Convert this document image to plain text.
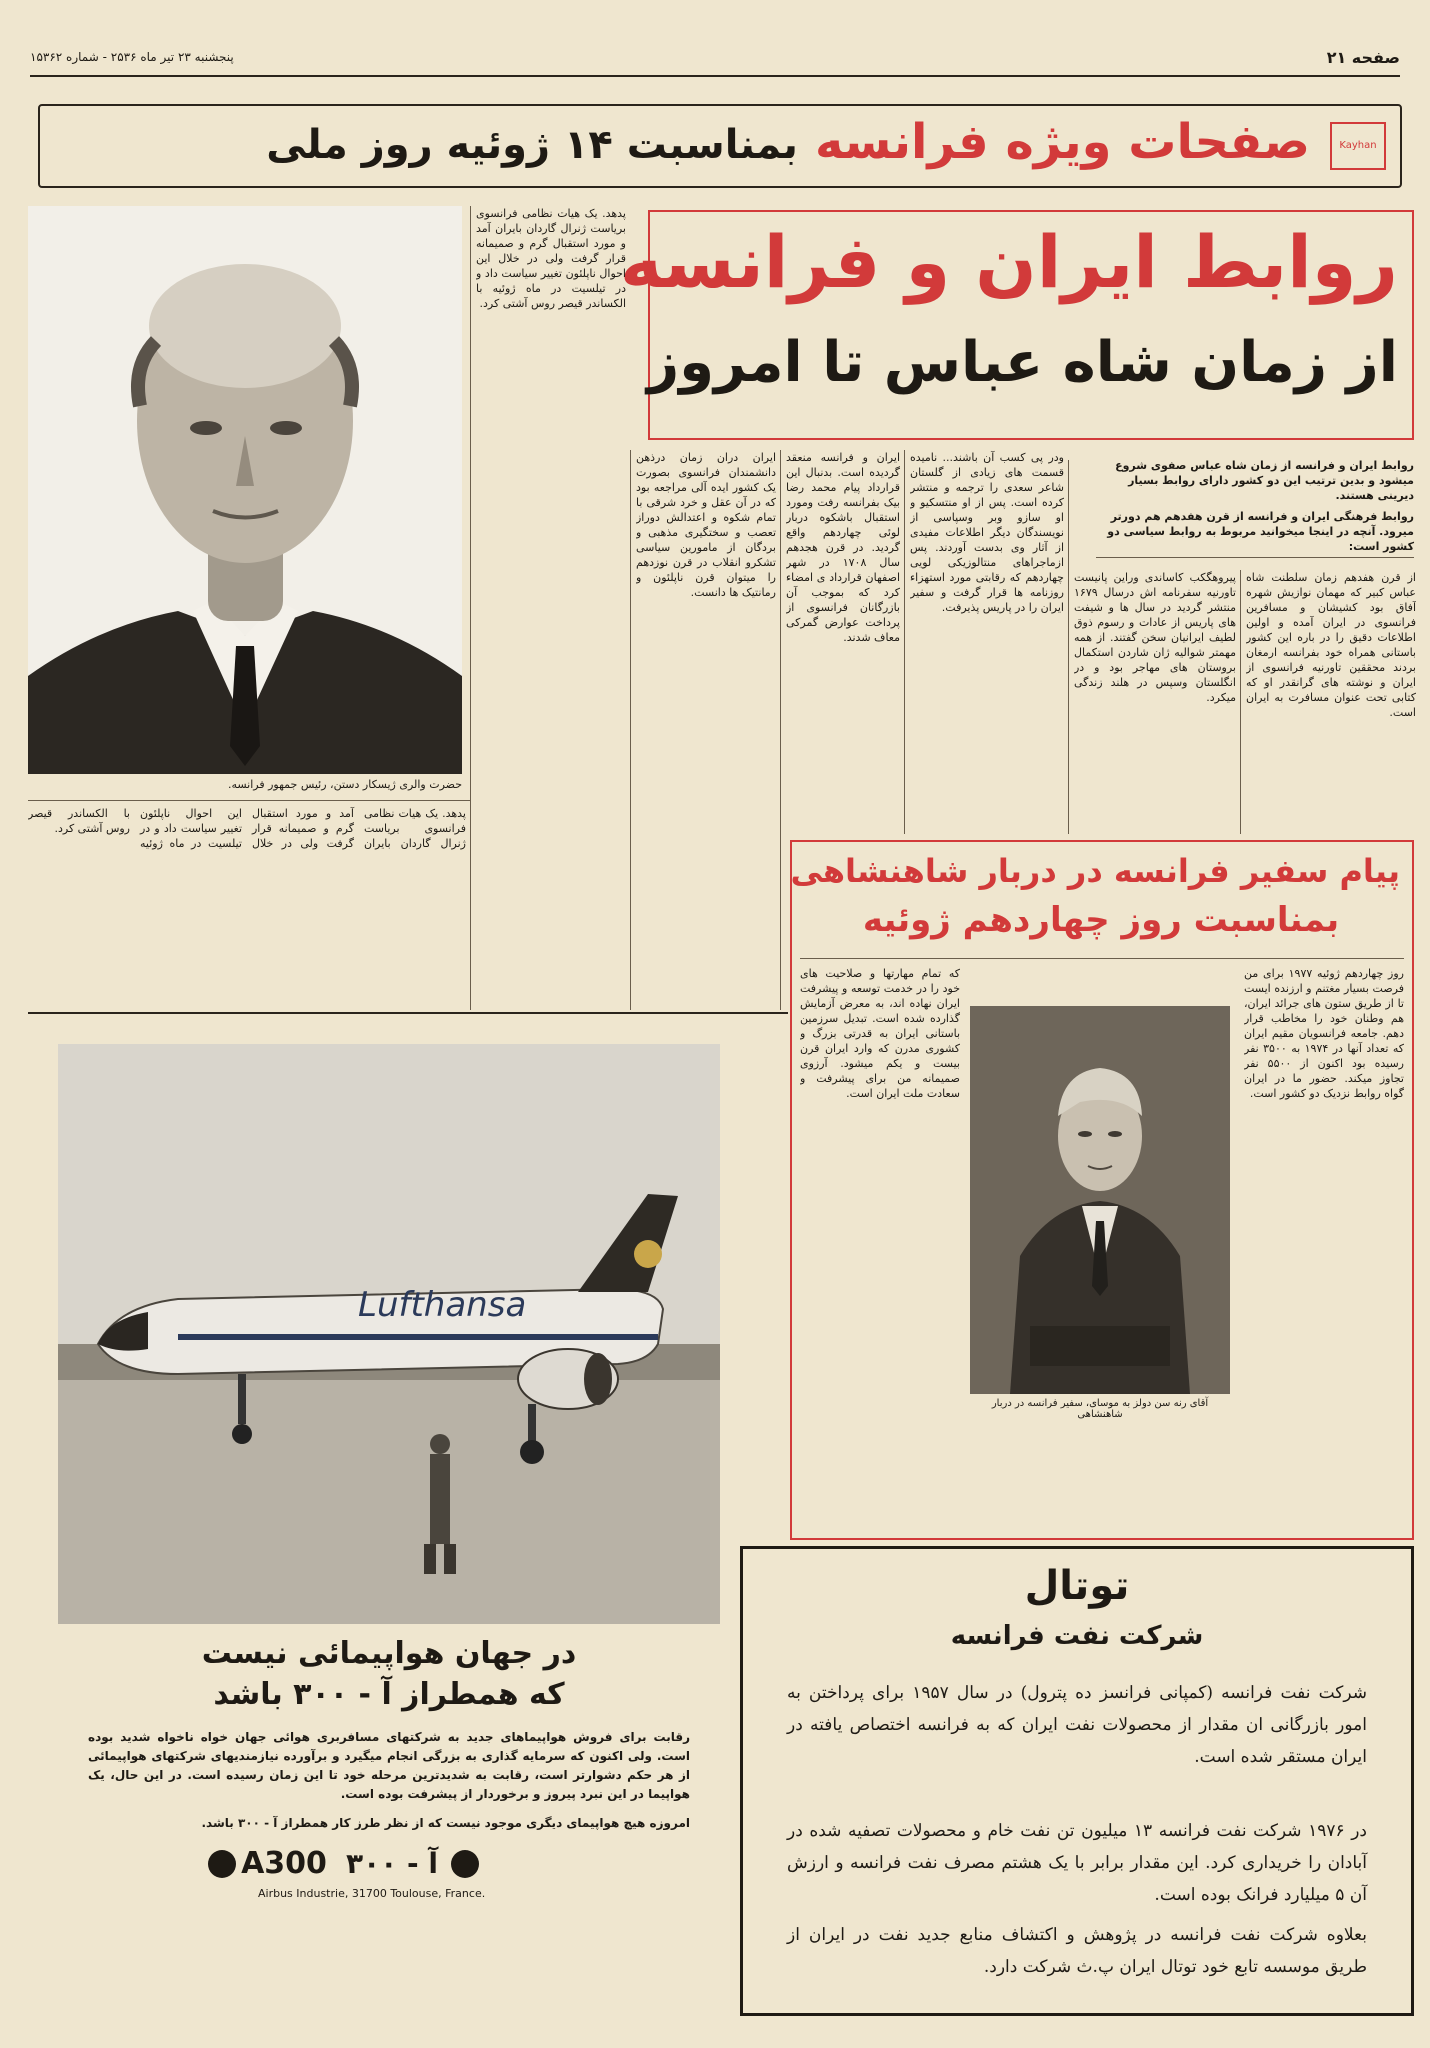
صفحه ۲۱
پنجشنبه ۲۳ تیر ماه ۲۵۳۶ - شماره ۱۵۳۶۲
Kayhan
صفحات ویژه فرانسه بمناسبت ۱۴ ژوئیه روز ملی
حضرت والری ژیسکار دستن، رئیس جمهور فرانسه.
روابط ایران و فرانسه
از زمان شاه عباس تا امروز
روابط ایران و فرانسه از زمان شاه عباس صفوی شروع میشود و بدین ترتیب این دو کشور دارای روابط بسیار دیرینی هستند.
روابط فرهنگی ایران و فرانسه از قرن هفدهم هم دورتر میرود. آنچه در اینجا میخوانید مربوط به روابط سیاسی دو کشور است:
از قرن هفدهم زمان سلطنت شاه عباس کبیر که مهمان نوازیش شهره آفاق بود کشیشان و مسافرین فرانسوی در ایران آمده و اولین اطلاعات دقیق را در باره این کشور باستانی همراه خود بفرانسه ارمغان بردند محققین تاورنیه فرانسوی از ایران و نوشته های گرانقدر او که کتابی تحت عنوان مسافرت به ایران است.
پیروهگکب کاساندی وراین پانیست تاورنیه سفرنامه اش درسال ۱۶۷۹ منتشر گردید در سال ها و شیفت های پاریس از عادات و رسوم ذوق لطیف ایرانیان سخن گفتند. از همه مهمتر شوالیه ژان شاردن استکمال بروستان های مهاجر بود و در انگلستان وسپس در هلند زندگی میکرد.
ودر پی کسب آن باشند... نامیده قسمت های زیادی از گلستان شاعر سعدی را ترجمه و منتشر کرده است. پس از او منتسکیو و او سازو وبر وسپاسی از نویسندگان دیگر اطلاعات مفیدی از آثار وی بدست آوردند. پس ازماجراهای منتالوزیکی لویی چهاردهم که رقابتی مورد استهزاء روزنامه ها قرار گرفت و سفیر ایران را در پاریس پذیرفت.
ایران و فرانسه منعقد گردیده است. بدنبال این قرارداد پیام محمد رضا بیک بفرانسه رفت ومورد استقبال باشکوه دربار لوئی چهاردهم واقع گردید. در قرن هجدهم سال ۱۷۰۸ در شهر اصفهان قرارداد ی امضاء کرد که بموجب آن بازرگانان فرانسوی از پرداخت عوارض گمرکی معاف شدند.
ایران دران زمان درذهن دانشمندان فرانسوی بصورت یک کشور ایده آلی مراجعه بود که در آن عقل و خرد شرقی با تمام شکوه و اعتدالش دوراز تعصب و سختگیری مذهبی و بردگان از مامورین سیاسی تشکرو انقلاب در قرن نوزدهم را میتوان قرن ناپلئون و رمانتیک ها دانست.
پدهد. یک هیات نظامی فرانسوی بریاست ژنرال گاردان بایران آمد و مورد استقبال گرم و صمیمانه قرار گرفت ولی در خلال این احوال ناپلئون تغییر سیاست داد و در تیلسیت در ماه ژوئیه با الکساندر قیصر روس آشتی کرد.
پدهد. یک هیات نظامی فرانسوی بریاست ژنرال گاردان بایران آمد و مورد استقبال گرم و صمیمانه قرار گرفت ولی در خلال این احوال ناپلئون تغییر سیاست داد و در تیلسیت در ماه ژوئیه با الکساندر قیصر روس آشتی کرد.
پیام سفیر فرانسه در دربار شاهنشاهی
بمناسبت روز چهاردهم ژوئیه
روز چهاردهم ژوئیه ۱۹۷۷ برای من فرصت بسیار مغتنم و ارزنده ایست تا از طریق ستون های جرائد ایران، هم وطنان خود را مخاطب قرار دهم. جامعه فرانسویان مقیم ایران که تعداد آنها در ۱۹۷۴ به ۳۵۰۰ نفر رسیده بود اکنون از ۵۵۰۰ نفر تجاوز میکند. حضور ما در ایران گواه روابط نزدیک دو کشور است.
که تمام مهارتها و صلاحیت های خود را در خدمت توسعه و پیشرفت ایران نهاده اند، به معرض آزمایش گذارده شده است. تبدیل سرزمین باستانی ایران به قدرتی بزرگ و کشوری مدرن که وارد ایران قرن بیست و یکم میشود. آرزوی صمیمانه من برای پیشرفت و سعادت ملت ایران است.
آقای رنه سن دولز به موسای، سفیر فرانسه در دربار شاهنشاهی
Lufthansa
در جهان هواپیمائی نیست
که همطراز آ - ۳۰۰ باشد
رقابت برای فروش هواپیماهای جدید به شرکتهای مسافربری هوائی جهان خواه ناخواه شدید بوده است. ولی اکنون که سرمایه گذاری به بزرگی انجام میگیرد و برآورده نیازمندیهای شرکتهای هواپیمائی از هر حکم دشوارتر است، رقابت به شدیدترین مرحله خود تا این زمان رسیده است. در این حال، یک هواپیما در این نبرد پیروز و برخوردار از پیشرفت بوده است.
امروزه هیچ هواپیمای دیگری موجود نیست که از نظر طرز کار همطراز آ - ۳۰۰ باشد.
A300 آ - ۳۰۰
Airbus Industrie, 31700 Toulouse, France.
توتال
شرکت نفت فرانسه
شرکت نفت فرانسه (کمپانی فرانسز ده پترول) در سال ۱۹۵۷ برای پرداختن به امور بازرگانی ان مقدار از محصولات نفت ایران که به فرانسه اختصاص یافته در ایران مستقر شده است.
در ۱۹۷۶ شرکت نفت فرانسه ۱۳ میلیون تن نفت خام و محصولات تصفیه شده در آبادان را خریداری کرد. این مقدار برابر با یک هشتم مصرف نفت فرانسه و ارزش آن ۵ میلیارد فرانک بوده است.
بعلاوه شرکت نفت فرانسه در پژوهش و اکتشاف منابع جدید نفت در ایران از طریق موسسه تابع خود توتال ایران پ.ث شرکت دارد.
